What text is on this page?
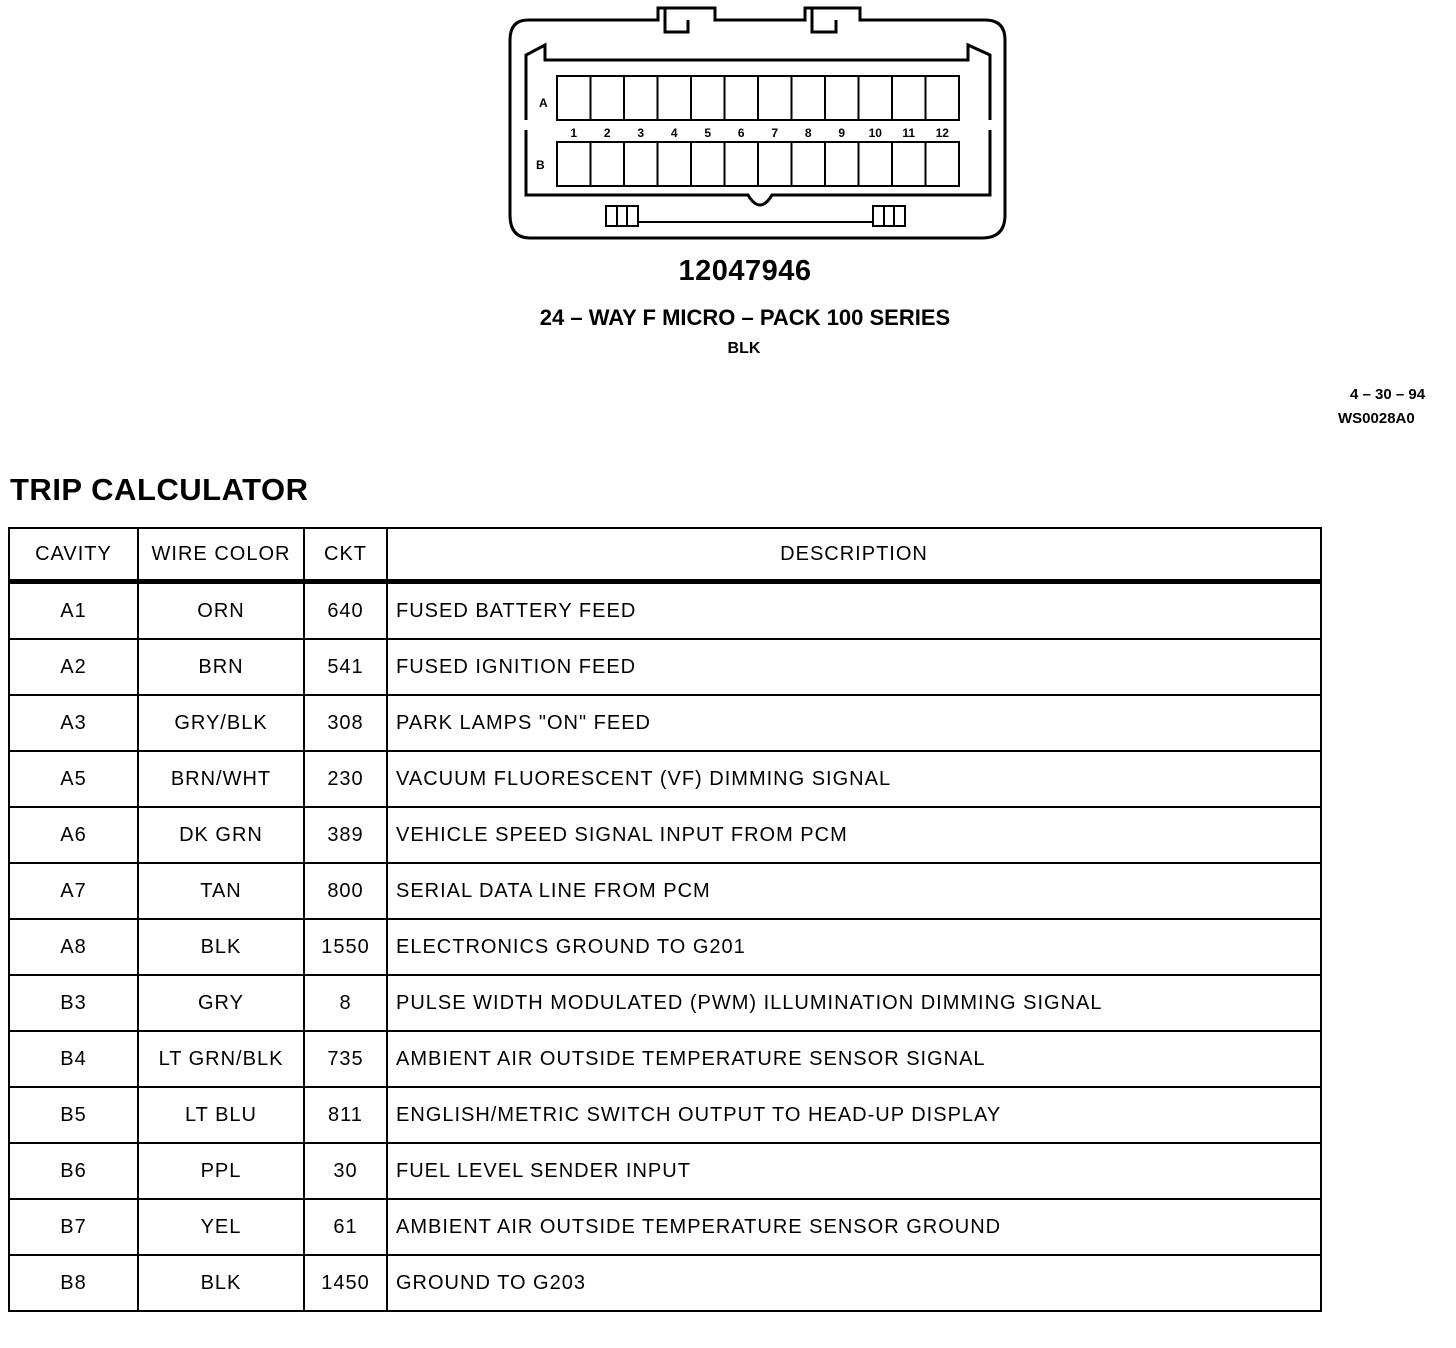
A
B
1 2 3 4 5 6 7 8 9 10 11 12
12047946
24 – WAY F MICRO – PACK 100 SERIES
BLK
4 – 30 – 94
WS0028A0
TRIP CALCULATOR
CAVITY	WIRE COLOR	CKT	DESCRIPTION
A1	ORN	640	FUSED BATTERY FEED
A2	BRN	541	FUSED IGNITION FEED
A3	GRY/BLK	308	PARK LAMPS "ON" FEED
A5	BRN/WHT	230	VACUUM FLUORESCENT (VF) DIMMING SIGNAL
A6	DK GRN	389	VEHICLE SPEED SIGNAL INPUT FROM PCM
A7	TAN	800	SERIAL DATA LINE FROM PCM
A8	BLK	1550	ELECTRONICS GROUND TO G201
B3	GRY	8	PULSE WIDTH MODULATED (PWM) ILLUMINATION DIMMING SIGNAL
B4	LT GRN/BLK	735	AMBIENT AIR OUTSIDE TEMPERATURE SENSOR SIGNAL
B5	LT BLU	811	ENGLISH/METRIC SWITCH OUTPUT TO HEAD-UP DISPLAY
B6	PPL	30	FUEL LEVEL SENDER INPUT
B7	YEL	61	AMBIENT AIR OUTSIDE TEMPERATURE SENSOR GROUND
B8	BLK	1450	GROUND TO G203
